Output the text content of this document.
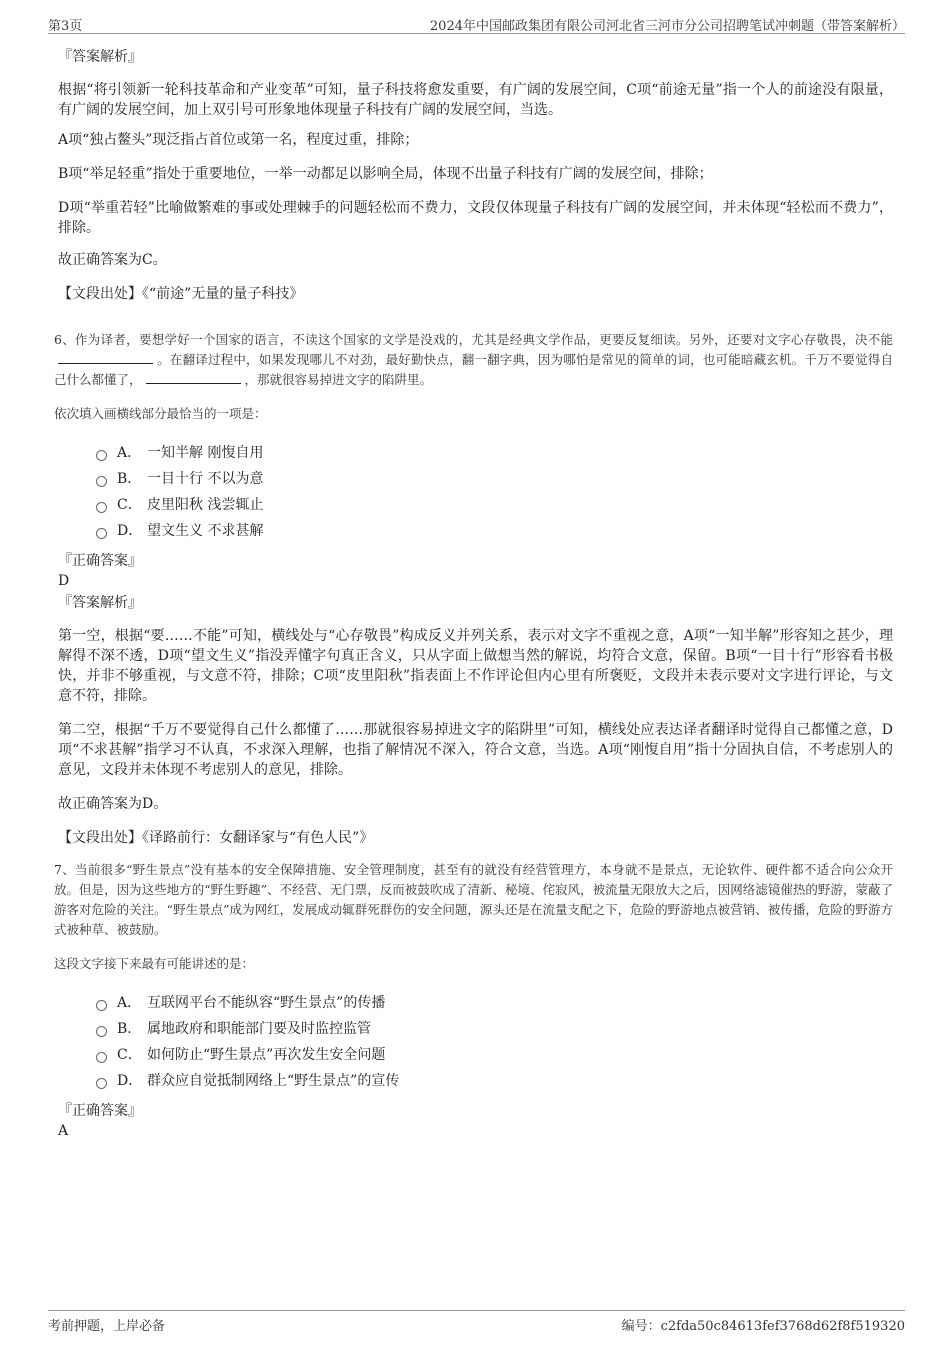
第3页	2024年中国邮政集团有限公司河北省三河市分公司招聘笔试冲刺题（带答案解析）
『答案解析』

根据“将引领新一轮科技革命和产业变革”可知，量子科技将愈发重要，有广阔的发展空间，C项“前途无量”指一个人的前途没有限量，有广阔的发展空间，加上双引号可形象地体现量子科技有广阔的发展空间，当选。

A项“独占鳌头”现泛指占首位或第一名，程度过重，排除；

B项“举足轻重”指处于重要地位，一举一动都足以影响全局，体现不出量子科技有广阔的发展空间，排除；

D项“举重若轻”比喻做繁难的事或处理棘手的问题轻松而不费力，文段仅体现量子科技有广阔的发展空间，并未体现“轻松而不费力”，排除。

故正确答案为C。

【文段出处】《“前途”无量的量子科技》

6、作为译者，要想学好一个国家的语言，不读这个国家的文学是没戏的，尤其是经典文学作品，更要反复细读。另外，还要对文字心存敬畏，决不能。在翻译过程中，如果发现哪儿不对劲，最好勤快点，翻一翻字典，因为哪怕是常见的简单的词，也可能暗藏玄机。千万不要觉得自己什么都懂了，	，那就很容易掉进文字的陷阱里。

依次填入画横线部分最恰当的一项是：

A． 一知半解 刚愎自用
B． 一目十行 不以为意
C． 皮里阳秋 浅尝辄止
D． 望文生义 不求甚解
『正确答案』

D

『答案解析』

第一空，根据“要……不能”可知，横线处与“心存敬畏”构成反义并列关系，表示对文字不重视之意，A项“一知半解”形容知之甚少，理解得不深不透，D项“望文生义”指没弄懂字句真正含义，只从字面上做想当然的解说，均符合文意，保留。B项“一目十行”形容看书极快，并非不够重视，与文意不符，排除；C项“皮里阳秋”指表面上不作评论但内心里有所褒贬，文段并未表示要对文字进行评论，与文意不符，排除。

第二空，根据“千万不要觉得自己什么都懂了……那就很容易掉进文字的陷阱里”可知，横线处应表达译者翻译时觉得自己都懂之意，D项“不求甚解”指学习不认真，不求深入理解，也指了解情况不深入，符合文意，当选。A项“刚愎自用”指十分固执自信，不考虑别人的意见，文段并未体现不考虑别人的意见，排除。

故正确答案为D。

【文段出处】《译路前行：女翻译家与“有色人民”》

7、当前很多“野生景点”没有基本的安全保障措施、安全管理制度，甚至有的就没有经营管理方，本身就不是景点，无论软件、硬件都不适合向公众开放。但是，因为这些地方的“野生野趣”、不经营、无门票，反而被鼓吹成了清新、秘境、侘寂风，被流量无限放大之后，因网络滤镜催热的野游，蒙蔽了游客对危险的关注。“野生景点”成为网红，发展成动辄群死群伤的安全问题，源头还是在流量支配之下，危险的野游地点被营销、被传播，危险的野游方式被种草、被鼓励。

这段文字接下来最有可能讲述的是：

A． 互联网平台不能纵容“野生景点”的传播
B． 属地政府和职能部门要及时监控监管
C． 如何防止“野生景点”再次发生安全问题
D． 群众应自觉抵制网络上“野生景点”的宣传
『正确答案』

A

考前押题，上岸必备	编号：c2fda50c84613fef3768d62f8f519320
